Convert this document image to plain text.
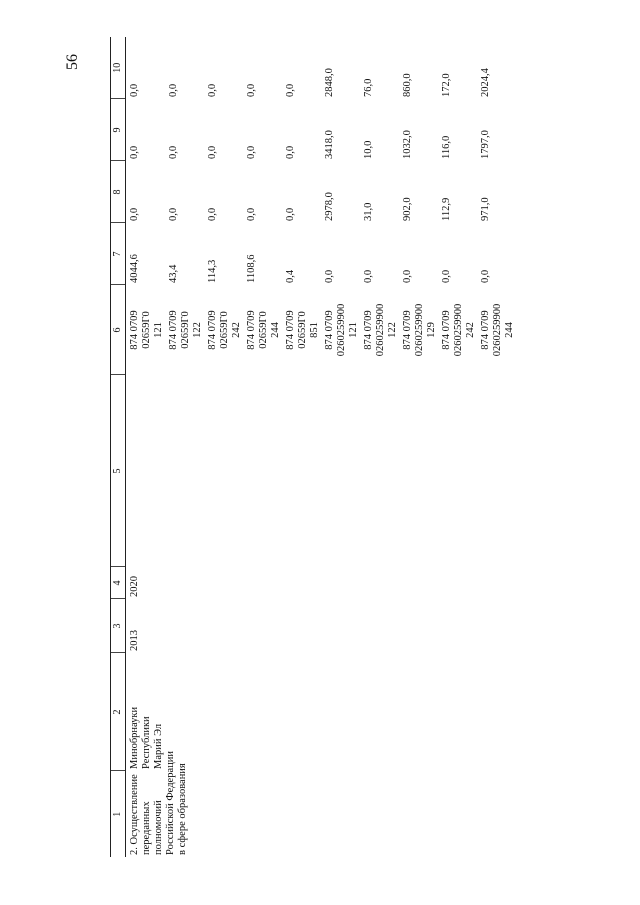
56
1	2	3	4	5	6	7	8	9	10

2. Осуществление переданных полномочий Российской Федерации в сфере образования	Минобрнауки Республики Марий Эл	2013	2020		874 0709 02659Г0 121	4044,6	0,0	0,0	0,0

					874 0709 02659Г0 122	43,4	0,0	0,0	0,0

					874 0709 02659Г0 242	114,3	0,0	0,0	0,0

					874 0709 02659Г0 244	1108,6	0,0	0,0	0,0

					874 0709 02659Г0 851	0,4	0,0	0,0	0,0

					874 0709 0260259900 121	0,0	2978,0	3418,0	2848,0

					874 0709 0260259900 122	0,0	31,0	10,0	76,0

					874 0709 0260259900 129	0,0	902,0	1032,0	860,0

					874 0709 0260259900 242	0,0	112,9	116,0	172,0

					874 0709 0260259900 244	0,0	971,0	1797,0	2024,4
